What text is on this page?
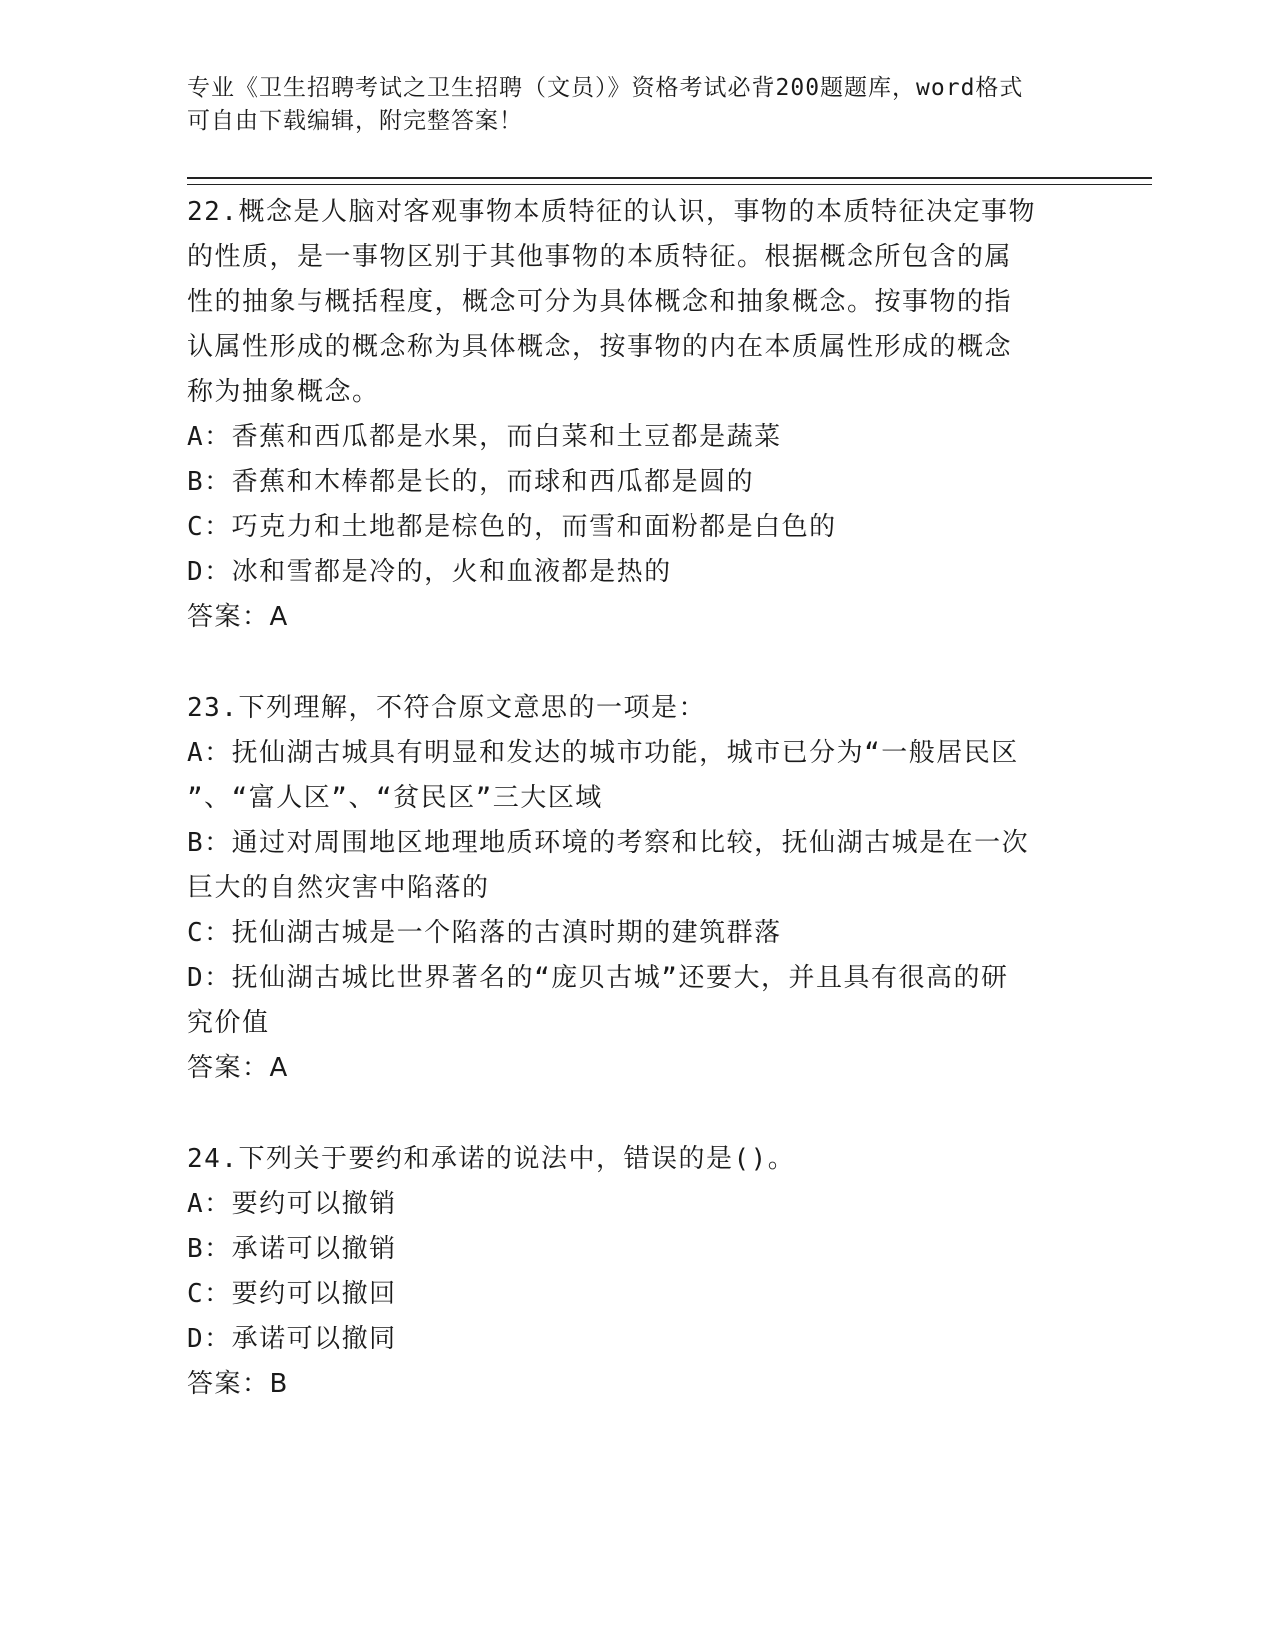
专业《卫生招聘考试之卫生招聘（文员）》资格考试必背200题题库，word格式
可自由下载编辑，附完整答案！
22.概念是人脑对客观事物本质特征的认识，事物的本质特征决定事物
的性质，是一事物区别于其他事物的本质特征。根据概念所包含的属
性的抽象与概括程度，概念可分为具体概念和抽象概念。按事物的指
认属性形成的概念称为具体概念，按事物的内在本质属性形成的概念
称为抽象概念。
A：香蕉和西瓜都是水果，而白菜和土豆都是蔬菜
B：香蕉和木棒都是长的，而球和西瓜都是圆的
C：巧克力和土地都是棕色的，而雪和面粉都是白色的
D：冰和雪都是冷的，火和血液都是热的
答案：A
23.下列理解，不符合原文意思的一项是：
A：抚仙湖古城具有明显和发达的城市功能，城市已分为“一般居民区
”、“富人区”、“贫民区”三大区域
B：通过对周围地区地理地质环境的考察和比较，抚仙湖古城是在一次
巨大的自然灾害中陷落的
C：抚仙湖古城是一个陷落的古滇时期的建筑群落
D：抚仙湖古城比世界著名的“庞贝古城”还要大，并且具有很高的研
究价值
答案：A
24.下列关于要约和承诺的说法中，错误的是()。
A：要约可以撤销
B：承诺可以撤销
C：要约可以撤回
D：承诺可以撤同
答案：B
